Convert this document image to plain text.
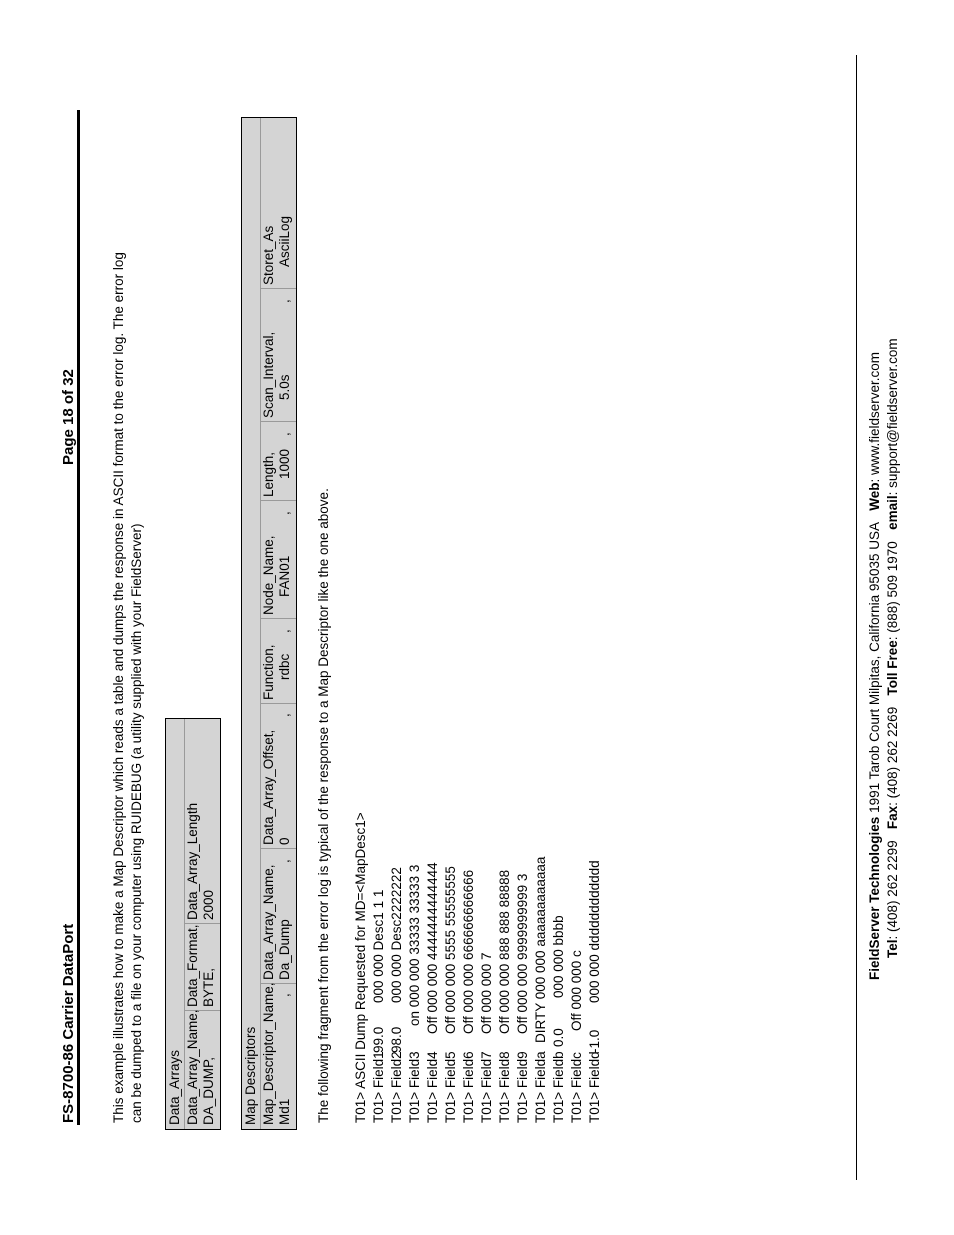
FS-8700-86 Carrier DataPort
Page 18 of 32	This example illustrates how to make a Map Descriptor which reads a table and dumps the response in ASCII format to the error log. The error log can be dumped to a file on your computer using RUIDEBUG (a utility supplied with your FieldServer) Data_Arrays Data_Array_Name,
Data_Format,
Data_Array_Length
DA_DUMP,
BYTE,
2000
Map Descriptors Map_Descriptor_Name,
Data_Array_Name,
Data_Array_Offset,
Function,
Node_Name,
Length,
Scan_Interval,
Storet_As
Md1
,
Da_Dump
,
0
,
rdbc
,
FAN01
,
1000
,
5.0s
,
AsciiLog
The following fragment from the error log is typical of the response to a Map Descriptor like the one above. T01> ASCII Dump Requested for MD=<MapDesc1> T01> Field1
99.0
000 000 Desc1 1 1
T01> Field2
98.0
000 000 Desc2222222
T01> Field3
on 000 000 33333 33333 3
T01> Field4
Off 000 000 4444444444444
T01> Field5
Off 000 000 5555 55555555
T01> Field6
Off 000 000 666666666666
T01> Field7
Off 000 000 7
T01> Field8
Off 000 000 888 888 88888
T01> Field9
Off 000 000 9999999999 3
T01> Fielda
DIRTY 000 000 aaaaaaaaaaaa
T01> Fieldb
0.0
000 000 bbbb
T01> Fieldc
Off 000 000 c
T01> Fieldd
-1.0
000 000 dddddddddddd	FieldServer Technologies 1991 Tarob Court Milpitas, California 95035 USA   Web: www.fieldserver.com
Tel: (408) 262 2299   Fax: (408) 262 2269   Toll Free: (888) 509 1970   email: support@fieldserver.com
